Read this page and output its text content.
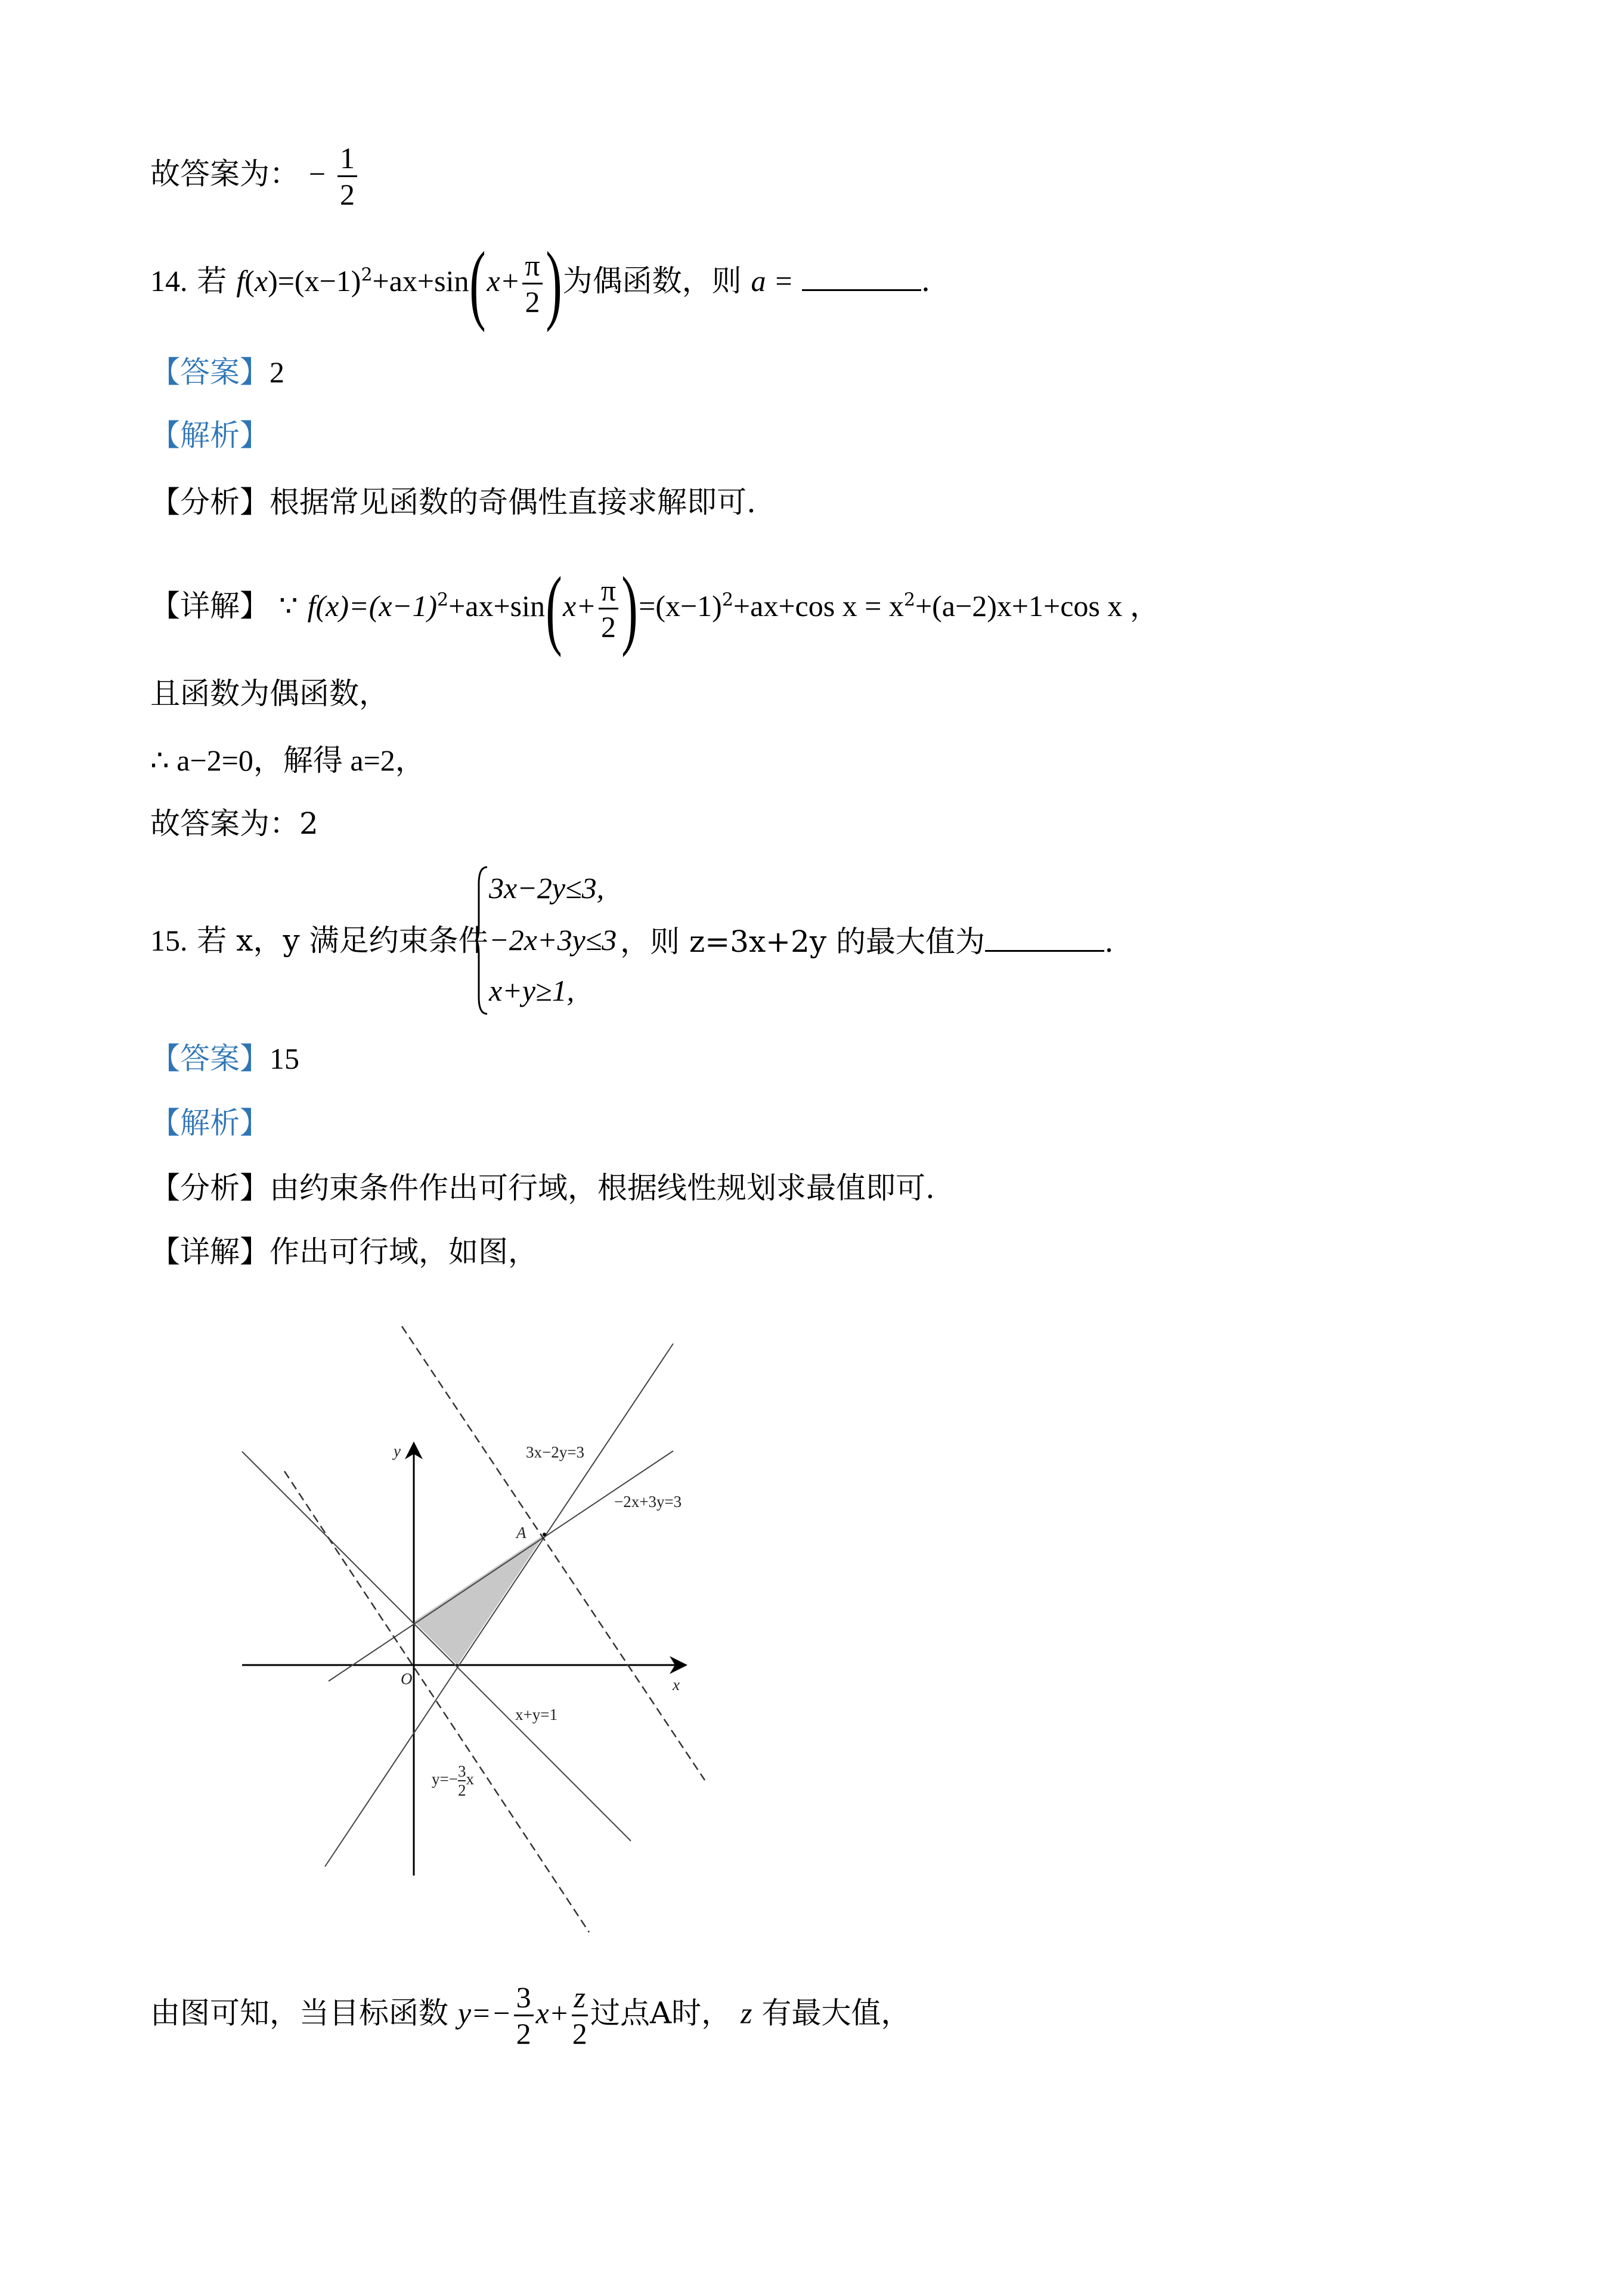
故答案为： − $\frac{1}{2}$
14. 若 $f(x)=(x-1)^2+ax+\sin(x+ \frac{\pi}{2}$ )为偶函数，则 a =	.
【答案】2
【解析】
【分析】根据常见函数的奇偶性直接求解即可.
【详解】 ∵ $f(x)=(x-1)^2+ax+\sin(x+ \frac{\pi}{2} )=(x-1)^2+ax+\cos$ $x = x^2+(a-2)x+1+\cos$ x ，
且函数为偶函数，
∴ a−2=0，解得 a=2，
故答案为：2
15. 若 x，y 满足约束条件
3x−2y≤3,
−2x+3y≤3
x+y≥1,
，则 z=3x+2y 的最大值为	.
【答案】15
【解析】
【分析】由约束条件作出可行域，根据线性规划求最值即可.
【详解】作出可行域，如图，
y
x
O
A
3x−2y=3
−2x+3y=3
x+y=1
$y=- \frac{3}{2}$ x
由图可知，当目标函数 $y=- \frac{3}{2} x+ \frac{z}{2}$ 过点A时， z 有最大值，
